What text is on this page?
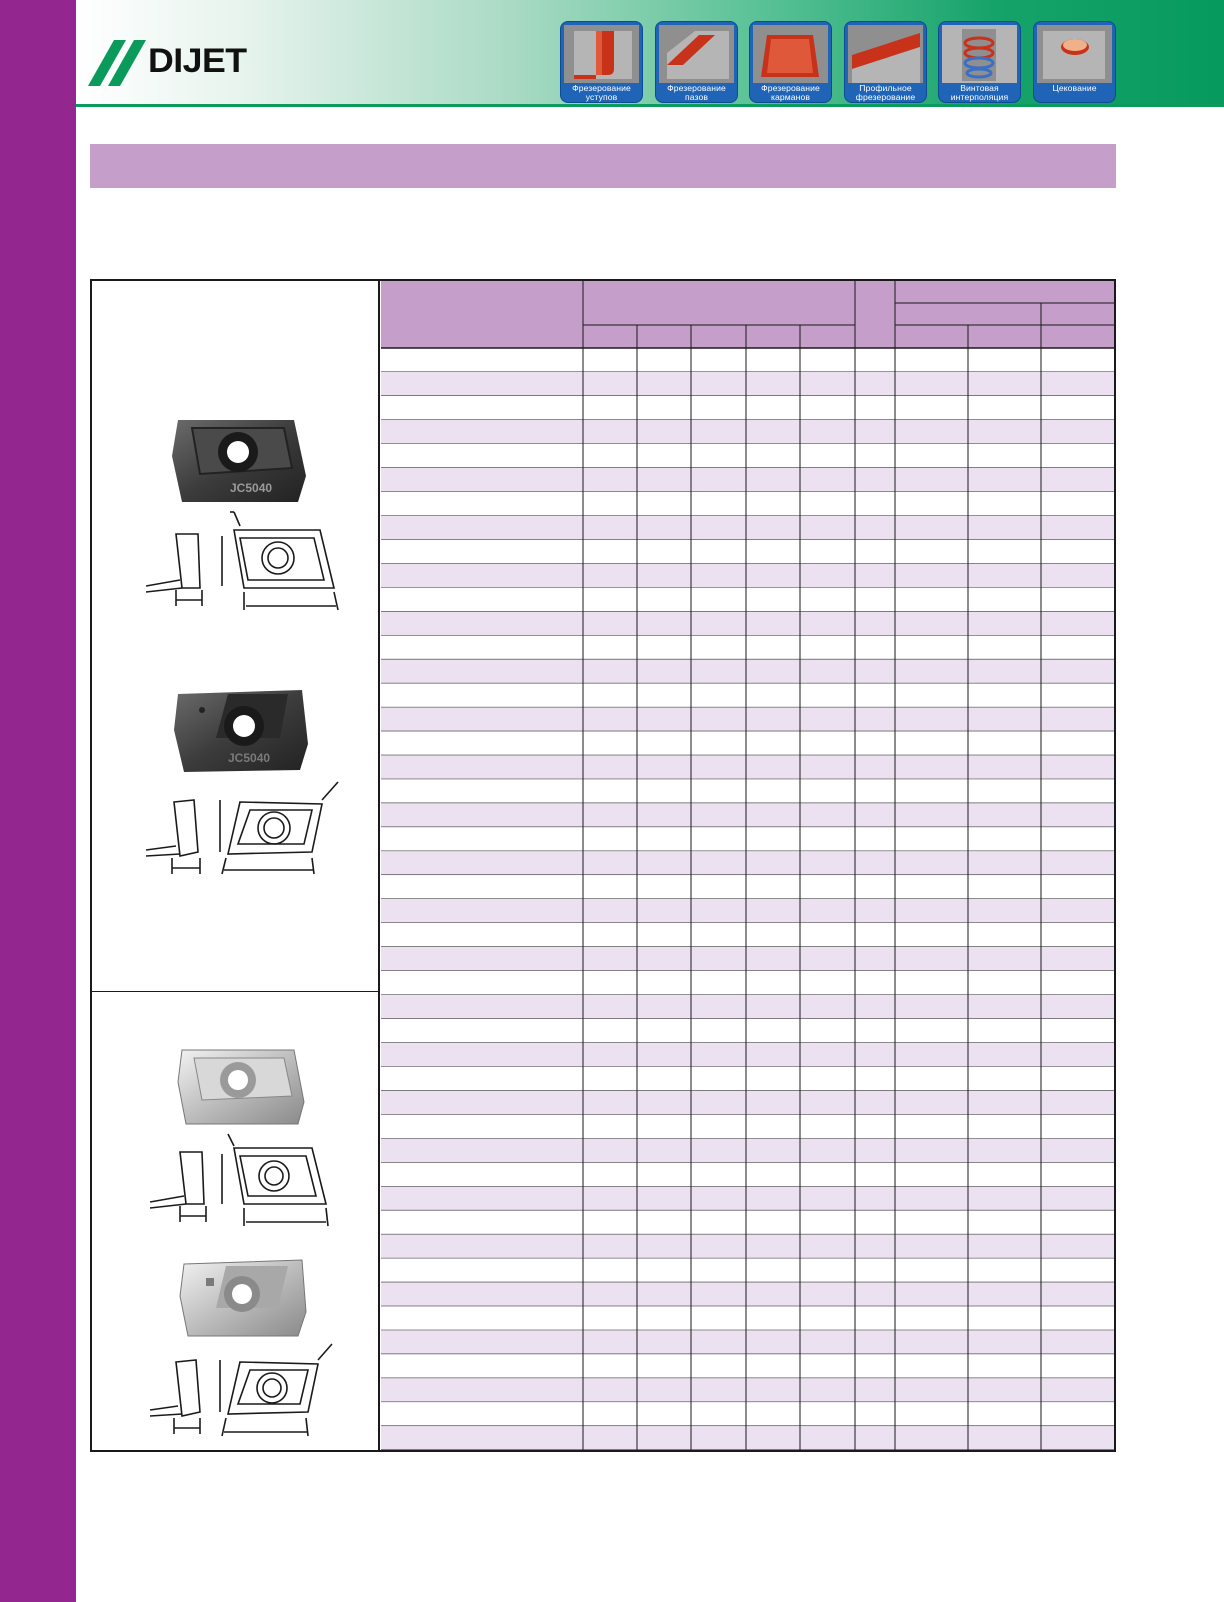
DIJET
Фрезерование
уступов
Фрезерование
пазов
Фрезерование
карманов
Профильное
фрезерование
Винтовая
интерполяция
Цекование
JC5040
JC5040
